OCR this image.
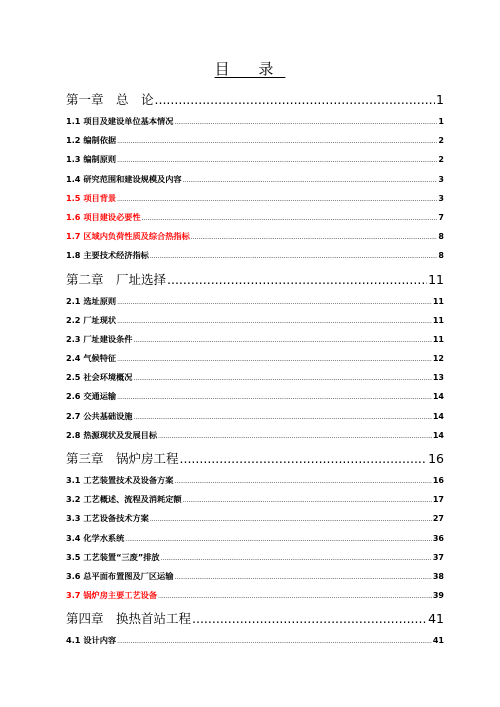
目 录
第一章　总　论 .....	1
1.1 项目及建设单位基本情况 .....	1
1.2 编制依据 .....	2
1.3 编制原则 .....	2
1.4 研究范围和建设规模及内容 .....	3
1.5 项目背景 .....	3
1.6 项目建设必要性 .....	7
1.7 区域内负荷性质及综合热指标 .....	8
1.8 主要技术经济指标 .....	8
第二章　厂址选择 .....	11
2.1 选址原则 .....	11
2.2 厂址现状 .....	11
2.3 厂址建设条件 .....	11
2.4 气候特征 .....	12
2.5 社会环境概况 .....	13
2.6 交通运输 .....	14
2.7 公共基础设施 .....	14
2.8 热源现状及发展目标 .....	14
第三章　锅炉房工程 .....	16
3.1 工艺装置技术及设备方案 .....	16
3.2 工艺概述、流程及消耗定额 .....	17
3.3 工艺设备技术方案 .....	27
3.4 化学水系统 .....	36
3.5 工艺装置“三废”排放 .....	37
3.6 总平面布置图及厂区运输 .....	38
3.7 锅炉房主要工艺设备 .....	39
第四章　换热首站工程 .....	41
4.1 设计内容 .....	41
